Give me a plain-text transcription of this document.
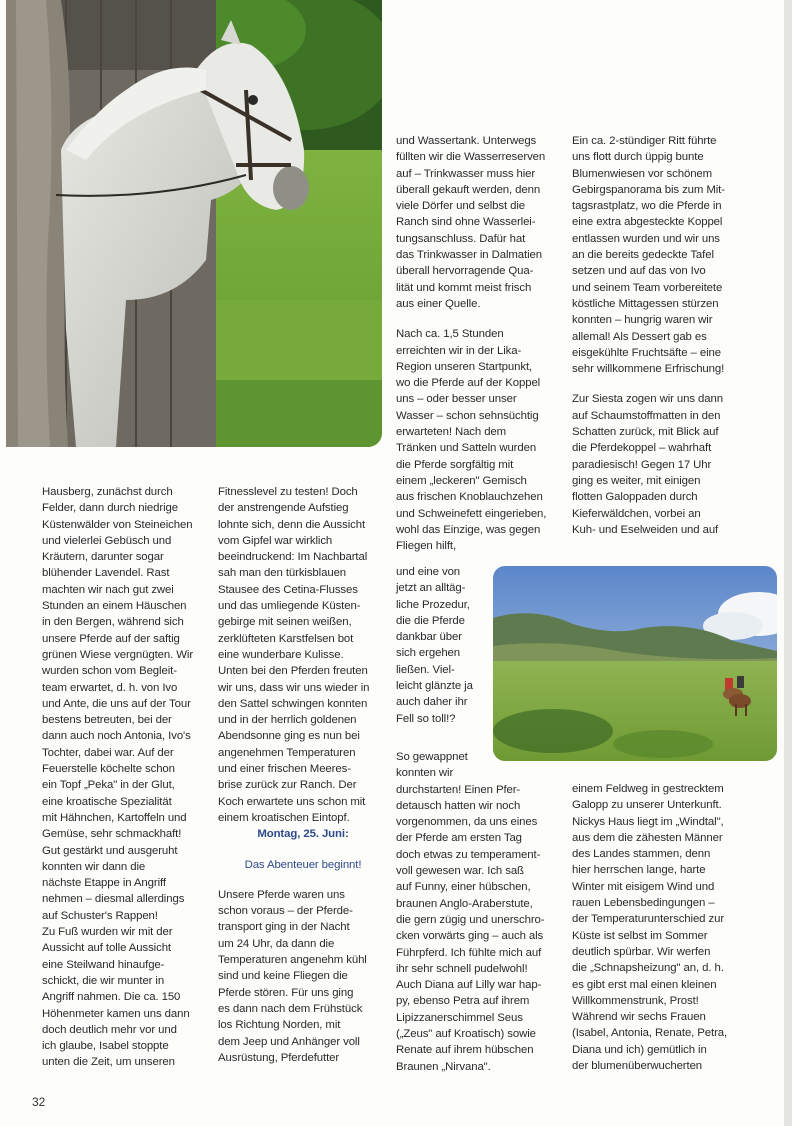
Hausberg, zunächst durch
Felder, dann durch niedrige
Küstenwälder von Steineichen
und vielerlei Gebüsch und
Kräutern, darunter sogar
blühender Lavendel. Rast
machten wir nach gut zwei
Stunden an einem Häuschen
in den Bergen, während sich
unsere Pferde auf der saftig
grünen Wiese vergnügten. Wir
wurden schon vom Begleit-
team erwartet, d. h. von Ivo
und Ante, die uns auf der Tour
bestens betreuten, bei der
dann auch noch Antonia, Ivo's
Tochter, dabei war. Auf der
Feuerstelle köchelte schon
ein Topf „Peka" in der Glut,
eine kroatische Spezialität
mit Hähnchen, Kartoffeln und
Gemüse, sehr schmackhaft!
Gut gestärkt und ausgeruht
konnten wir dann die
nächste Etappe in Angriff
nehmen – diesmal allerdings
auf Schuster's Rappen!
Zu Fuß wurden wir mit der
Aussicht auf tolle Aussicht
eine Steilwand hinaufge-
schickt, die wir munter in
Angriff nahmen. Die ca. 150
Höhenmeter kamen uns dann
doch deutlich mehr vor und
ich glaube, Isabel stoppte
unten die Zeit, um unseren

Fitnesslevel zu testen! Doch
der anstrengende Aufstieg
lohnte sich, denn die Aussicht
vom Gipfel war wirklich
beeindruckend: Im Nachbartal
sah man den türkisblauen
Stausee des Cetina-Flusses
und das umliegende Küsten-
gebirge mit seinen weißen,
zerklüfteten Karstfelsen bot
eine wunderbare Kulisse.
Unten bei den Pferden freuten
wir uns, dass wir uns wieder in
den Sattel schwingen konnten
und in der herrlich goldenen
Abendsonne ging es nun bei
angenehmen Temperaturen
und einer frischen Meeres-
brise zurück zur Ranch. Der
Koch erwartete uns schon mit
einem kroatischen Eintopf.

Montag, 25. Juni:

Das Abenteuer beginnt!

Unsere Pferde waren uns
schon voraus – der Pferde-
transport ging in der Nacht
um 24 Uhr, da dann die
Temperaturen angenehm kühl
sind und keine Fliegen die
Pferde stören. Für uns ging
es dann nach dem Frühstück
los Richtung Norden, mit
dem Jeep und Anhänger voll
Ausrüstung, Pferdefutter

und Wassertank. Unterwegs
füllten wir die Wasserreserven
auf – Trinkwasser muss hier
überall gekauft werden, denn
viele Dörfer und selbst die
Ranch sind ohne Wasserlei-
tungsanschluss. Dafür hat
das Trinkwasser in Dalmatien
überall hervorragende Qua-
lität und kommt meist frisch
aus einer Quelle.

Nach ca. 1,5 Stunden
erreichten wir in der Lika-
Region unseren Startpunkt,
wo die Pferde auf der Koppel
uns – oder besser unser
Wasser – schon sehnsüchtig
erwarteten! Nach dem
Tränken und Satteln wurden
die Pferde sorgfältig mit
einem „leckeren" Gemisch
aus frischen Knoblauchzehen
und Schweinefett eingerieben,
wohl das Einzige, was gegen
Fliegen hilft,

und eine von
jetzt an alltäg-
liche Prozedur,
die die Pferde
dankbar über
sich ergehen
ließen. Viel-
leicht glänzte ja
auch daher ihr
Fell so toll!?

So gewappnet
konnten wir
durchstarten! Einen Pfer-
detausch hatten wir noch
vorgenommen, da uns eines
der Pferde am ersten Tag
doch etwas zu temperament-
voll gewesen war. Ich saß
auf Funny, einer hübschen,
braunen Anglo-Araberstute,
die gern zügig und unerschro-
cken vorwärts ging – auch als
Führpferd. Ich fühlte mich auf
ihr sehr schnell pudelwohl!
Auch Diana auf Lilly war hap-
py, ebenso Petra auf ihrem
Lipizzanerschimmel Seus
(„Zeus" auf Kroatisch) sowie
Renate auf ihrem hübschen
Braunen „Nirvana".

Ein ca. 2-stündiger Ritt führte
uns flott durch üppig bunte
Blumenwiesen vor schönem
Gebirgspanorama bis zum Mit-
tagsrastplatz, wo die Pferde in
eine extra abgesteckte Koppel
entlassen wurden und wir uns
an die bereits gedeckte Tafel
setzen und auf das von Ivo
und seinem Team vorbereitete
köstliche Mittagessen stürzen
konnten – hungrig waren wir
allemal! Als Dessert gab es
eisgekühlte Fruchtsäfte – eine
sehr willkommene Erfrischung!

Zur Siesta zogen wir uns dann
auf Schaumstoffmatten in den
Schatten zurück, mit Blick auf
die Pferdekoppel – wahrhaft
paradiesisch! Gegen 17 Uhr
ging es weiter, mit einigen
flotten Galoppaden durch
Kieferwäldchen, vorbei an
Kuh- und Eselweiden und auf

einem Feldweg in gestrecktem
Galopp zu unserer Unterkunft.
Nickys Haus liegt im „Windtal",
aus dem die zähesten Männer
des Landes stammen, denn
hier herrschen lange, harte
Winter mit eisigem Wind und
rauen Lebensbedingungen –
der Temperaturunterschied zur
Küste ist selbst im Sommer
deutlich spürbar. Wir werfen
die „Schnapsheizung" an, d. h.
es gibt erst mal einen kleinen
Willkommenstrunk, Prost!
Während wir sechs Frauen
(Isabel, Antonia, Renate, Petra,
Diana und ich) gemütlich in
der blumenüberwucherten

32
